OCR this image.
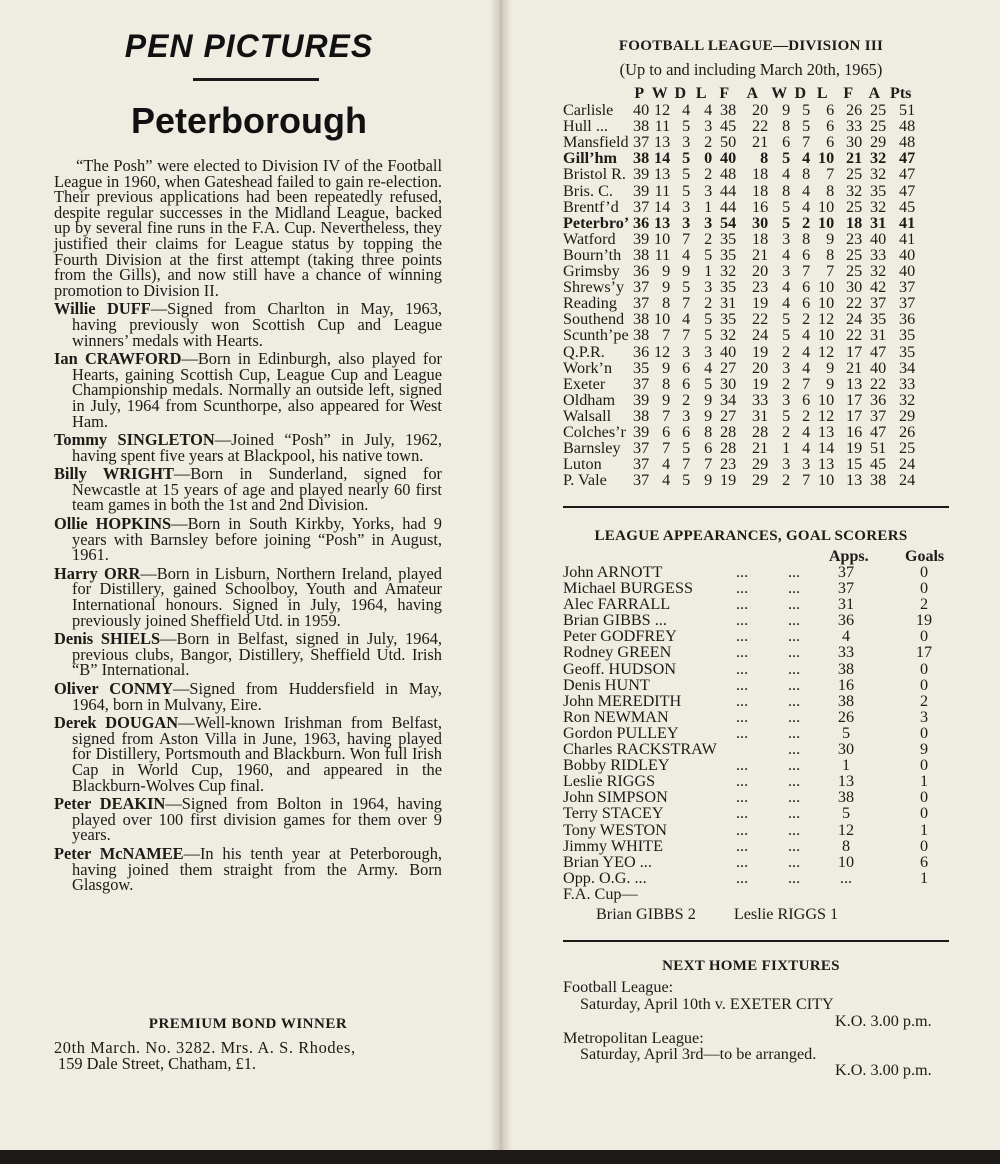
PEN PICTURES
Peterborough

“The Posh” were elected to Division IV of the Football League in 1960, when Gateshead failed to gain re-election. Their previous applications had been repeatedly refused, despite regular successes in the Midland League, backed up by several fine runs in the F.A. Cup. Nevertheless, they justified their claims for League status by topping the Fourth Division at the first attempt (taking three points from the Gills), and now still have a chance of winning promotion to Division II.

Willie DUFF—Signed from Charlton in May, 1963, having previously won Scottish Cup and League winners’ medals with Hearts.

Ian CRAWFORD—Born in Edinburgh, also played for Hearts, gaining Scottish Cup, League Cup and League Championship medals. Normally an outside left, signed in July, 1964 from Scunthorpe, also appeared for West Ham.

Tommy SINGLETON—Joined “Posh” in July, 1962, having spent five years at Blackpool, his native town.

Billy WRIGHT—Born in Sunderland, signed for Newcastle at 15 years of age and played nearly 60 first team games in both the 1st and 2nd Division.

Ollie HOPKINS—Born in South Kirkby, Yorks, had 9 years with Barnsley before joining “Posh” in August, 1961.

Harry ORR—Born in Lisburn, Northern Ireland, played for Distillery, gained Schoolboy, Youth and Amateur International honours. Signed in July, 1964, having previously joined Sheffield Utd. in 1959.

Denis SHIELS—Born in Belfast, signed in July, 1964, previous clubs, Bangor, Distillery, Sheffield Utd. Irish “B” International.

Oliver CONMY—Signed from Huddersfield in May, 1964, born in Mulvany, Eire.

Derek DOUGAN—Well-known Irishman from Belfast, signed from Aston Villa in June, 1963, having played for Distillery, Portsmouth and Blackburn. Won full Irish Cap in World Cup, 1960, and appeared in the Blackburn-Wolves Cup final.

Peter DEAKIN—Signed from Bolton in 1964, having played over 100 first division games for them over 9 years.

Peter McNAMEE—In his tenth year at Peterborough, having joined them straight from the Army. Born Glasgow.

PREMIUM BOND WINNER

20th March. No. 3282. Mrs. A. S. Rhodes,

159 Dale Street, Chatham, £1.

FOOTBALL LEAGUE—DIVISION III
(Up to and including March 20th, 1965)
	P	W	D	L	F	A	W	D	L	F	A	Pts
Carlisle	40	12	4	4	38	20	9	5	6	26	25	51
Hull ...	38	11	5	3	45	22	8	5	6	33	25	48
Mansfield	37	13	3	2	50	21	6	7	6	30	29	48
Gill’hm	38	14	5	0	40	8	5	4	10	21	32	47
Bristol R.	39	13	5	2	48	18	4	8	7	25	32	47
Bris. C.	39	11	5	3	44	18	8	4	8	32	35	47
Brentf’d	37	14	3	1	44	16	5	4	10	25	32	45
Peterbro’	36	13	3	3	54	30	5	2	10	18	31	41
Watford	39	10	7	2	35	18	3	8	9	23	40	41
Bourn’th	38	11	4	5	35	21	4	6	8	25	33	40
Grimsby	36	9	9	1	32	20	3	7	7	25	32	40
Shrews’y	37	9	5	3	35	23	4	6	10	30	42	37
Reading	37	8	7	2	31	19	4	6	10	22	37	37
Southend	38	10	4	5	35	22	5	2	12	24	35	36
Scunth’pe	38	7	7	5	32	24	5	4	10	22	31	35
Q.P.R.	36	12	3	3	40	19	2	4	12	17	47	35
Work’n	35	9	6	4	27	20	3	4	9	21	40	34
Exeter	37	8	6	5	30	19	2	7	9	13	22	33
Oldham	39	9	2	9	34	33	3	6	10	17	36	32
Walsall	38	7	3	9	27	31	5	2	12	17	37	29
Colches’r	39	6	6	8	28	28	2	4	13	16	47	26
Barnsley	37	7	5	6	28	21	1	4	14	19	51	25
Luton	37	4	7	7	23	29	3	3	13	15	45	24
P. Vale	37	4	5	9	19	29	2	7	10	13	38	24
LEAGUE APPEARANCES, GOAL SCORERS
Apps. Goals
John ARNOTT	... ...	37	0
Michael BURGESS	... ...	37	0
Alec FARRALL	... ...	31	2
Brian GIBBS ...	... ...	36	19
Peter GODFREY	... ...	4	0
Rodney GREEN	... ...	33	17
Geoff. HUDSON	... ...	38	0
Denis HUNT	... ...	16	0
John MEREDITH	... ...	38	2
Ron NEWMAN	... ...	26	3
Gordon PULLEY	... ...	5	0
Charles RACKSTRAW	...	30	9
Bobby RIDLEY	... ...	1	0
Leslie RIGGS	... ...	13	1
John SIMPSON	... ...	38	0
Terry STACEY	... ...	5	0
Tony WESTON	... ...	12	1
Jimmy WHITE	... ...	8	0
Brian YEO ...	... ...	10	6
Opp. O.G. ...	... ...	...	1
F.A. Cup—
Brian GIBBS 2 Leslie RIGGS 1
NEXT HOME FIXTURES
Football League:
Saturday, April 10th v. EXETER CITY
K.O. 3.00 p.m.
Metropolitan League:
Saturday, April 3rd—to be arranged.
K.O. 3.00 p.m.
